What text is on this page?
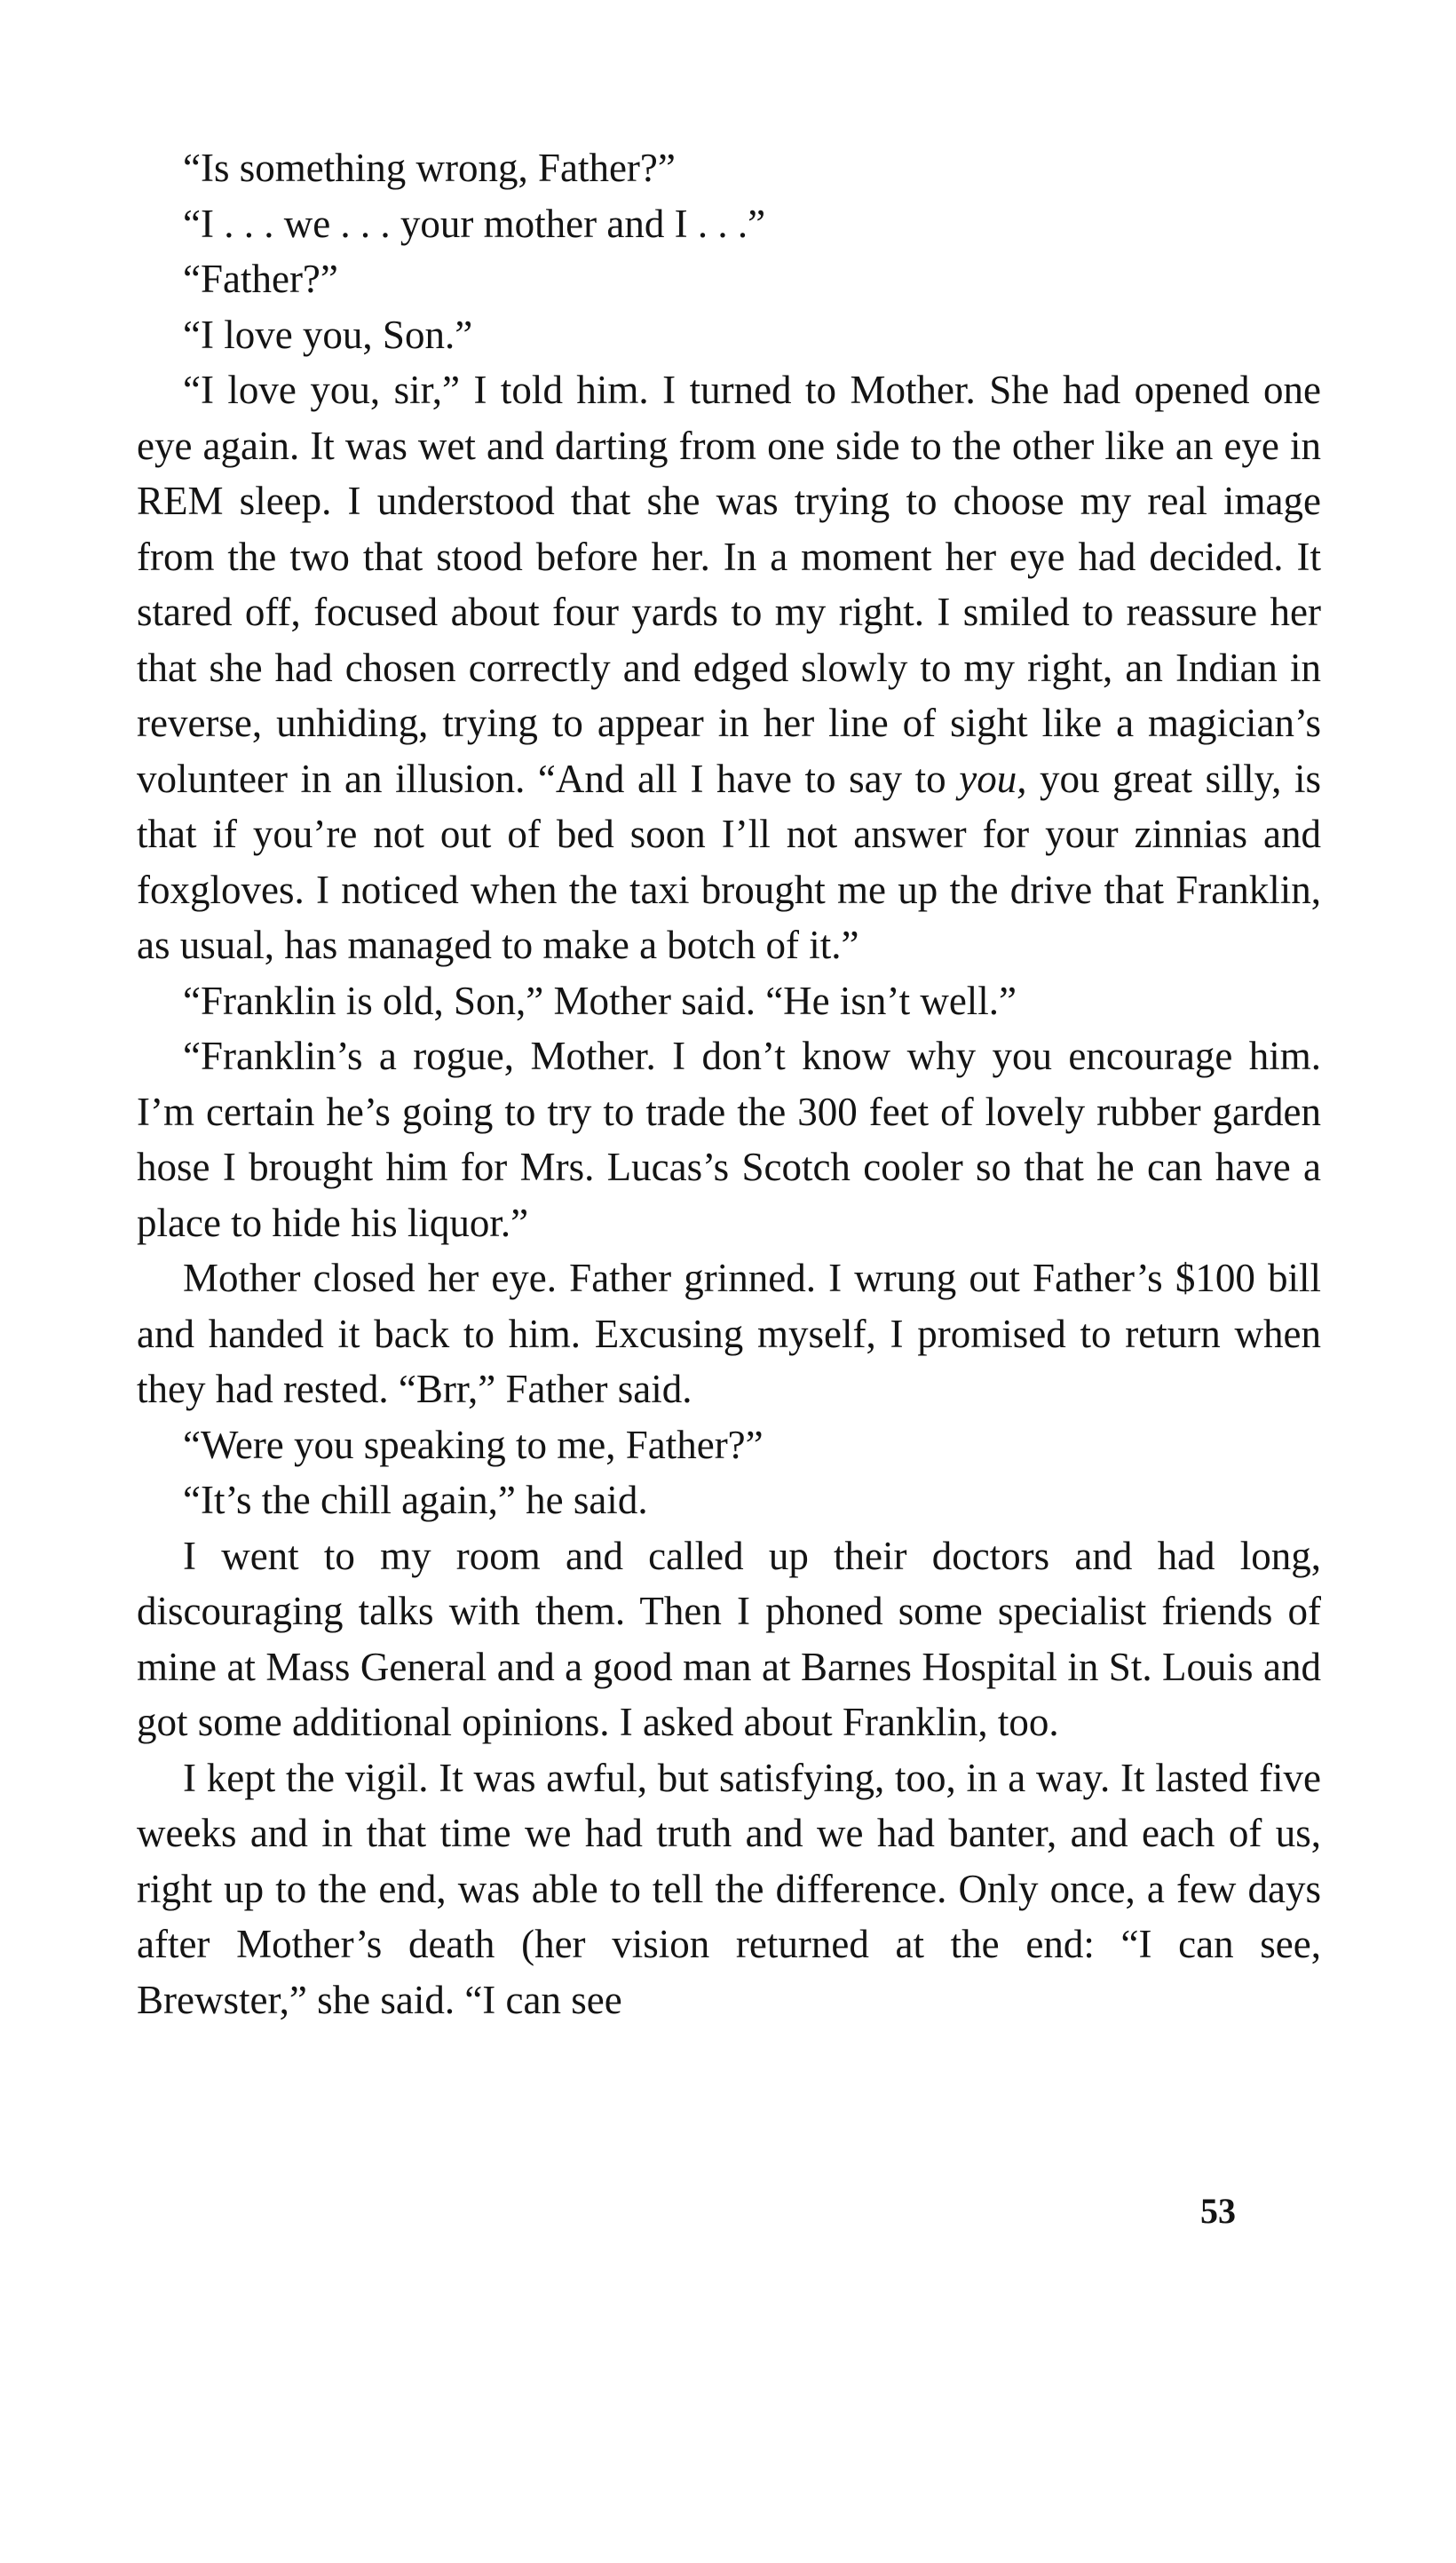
“Is something wrong, Father?”

“I . . . we . . . your mother and I . . .”

“Father?”

“I love you, Son.”

“I love you, sir,” I told him. I turned to Mother. She had opened one eye again. It was wet and darting from one side to the other like an eye in REM sleep. I understood that she was trying to choose my real image from the two that stood before her. In a moment her eye had decided. It stared off, focused about four yards to my right. I smiled to reassure her that she had chosen correctly and edged slowly to my right, an Indian in reverse, unhiding, trying to appear in her line of sight like a magician’s volunteer in an illusion. “And all I have to say to you, you great silly, is that if you’re not out of bed soon I’ll not answer for your zinnias and foxgloves. I noticed when the taxi brought me up the drive that Franklin, as usual, has managed to make a botch of it.”

“Franklin is old, Son,” Mother said. “He isn’t well.”

“Franklin’s a rogue, Mother. I don’t know why you encourage him. I’m certain he’s going to try to trade the 300 feet of lovely rubber garden hose I brought him for Mrs. Lucas’s Scotch cooler so that he can have a place to hide his liquor.”

Mother closed her eye. Father grinned. I wrung out Father’s $100 bill and handed it back to him. Excusing myself, I promised to return when they had rested. “Brr,” Father said.

“Were you speaking to me, Father?”

“It’s the chill again,” he said.

I went to my room and called up their doctors and had long, discouraging talks with them. Then I phoned some specialist friends of mine at Mass General and a good man at Barnes Hospital in St. Louis and got some additional opinions. I asked about Franklin, too.

I kept the vigil. It was awful, but satisfying, too, in a way. It lasted five weeks and in that time we had truth and we had banter, and each of us, right up to the end, was able to tell the difference. Only once, a few days after Mother’s death (her vision returned at the end: “I can see, Brewster,” she said. “I can see

53
